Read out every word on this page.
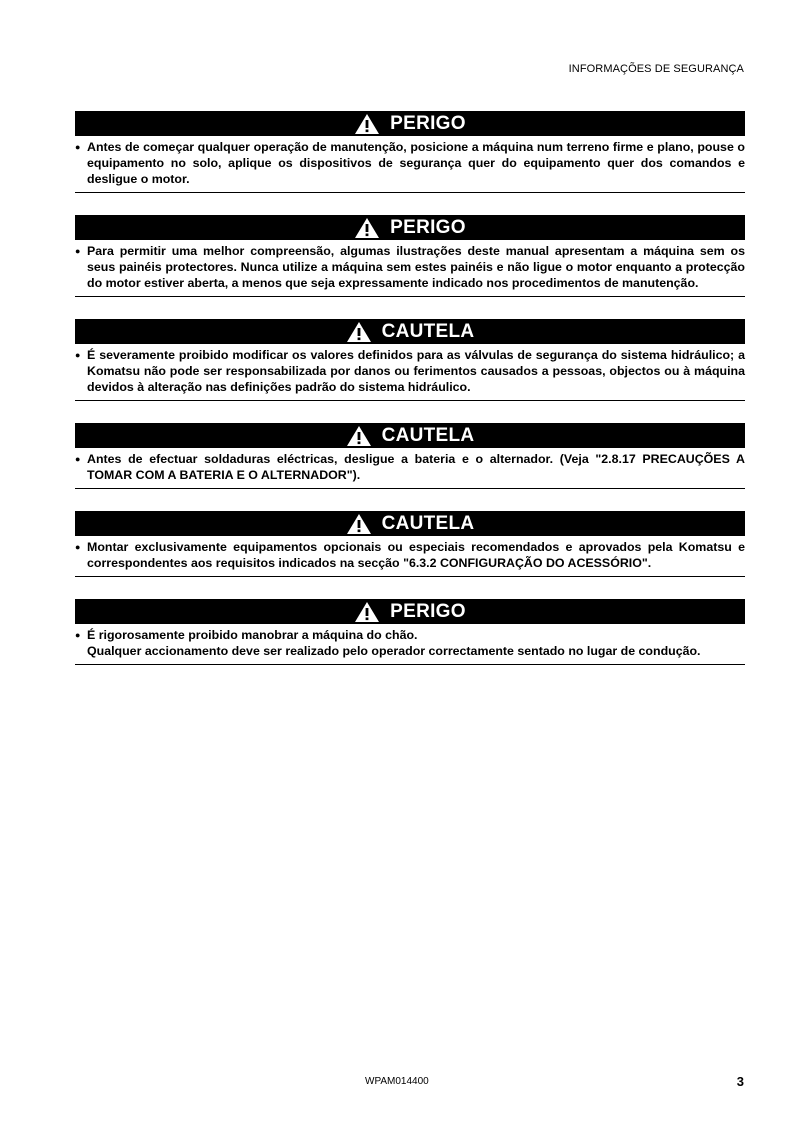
INFORMAÇÕES DE SEGURANÇA
PERIGO
● Antes de começar qualquer operação de manutenção, posicione a máquina num terreno firme e plano, pouse o equipamento no solo, aplique os dispositivos de segurança quer do equipamento quer dos comandos e desligue o motor.
PERIGO
● Para permitir uma melhor compreensão, algumas ilustrações deste manual apresentam a máquina sem os seus painéis protectores. Nunca utilize a máquina sem estes painéis e não ligue o motor enquanto a protecção do motor estiver aberta, a menos que seja expressamente indicado nos procedimentos de manutenção.
CAUTELA
● É severamente proibido modificar os valores definidos para as válvulas de segurança do sistema hidráulico; a Komatsu não pode ser responsabilizada por danos ou ferimentos causados a pessoas, objectos ou à máquina devidos à alteração nas definições padrão do sistema hidráulico.
CAUTELA
● Antes de efectuar soldaduras eléctricas, desligue a bateria e o alternador. (Veja "2.8.17 PRECAUÇÕES A TOMAR COM A BATERIA E O ALTERNADOR").
CAUTELA
● Montar exclusivamente equipamentos opcionais ou especiais recomendados e aprovados pela Komatsu e correspondentes aos requisitos indicados na secção "6.3.2 CONFIGURAÇÃO DO ACESSÓRIO".
PERIGO
● É rigorosamente proibido manobrar a máquina do chão.
Qualquer accionamento deve ser realizado pelo operador correctamente sentado no lugar de condução.
WPAM014400	3
